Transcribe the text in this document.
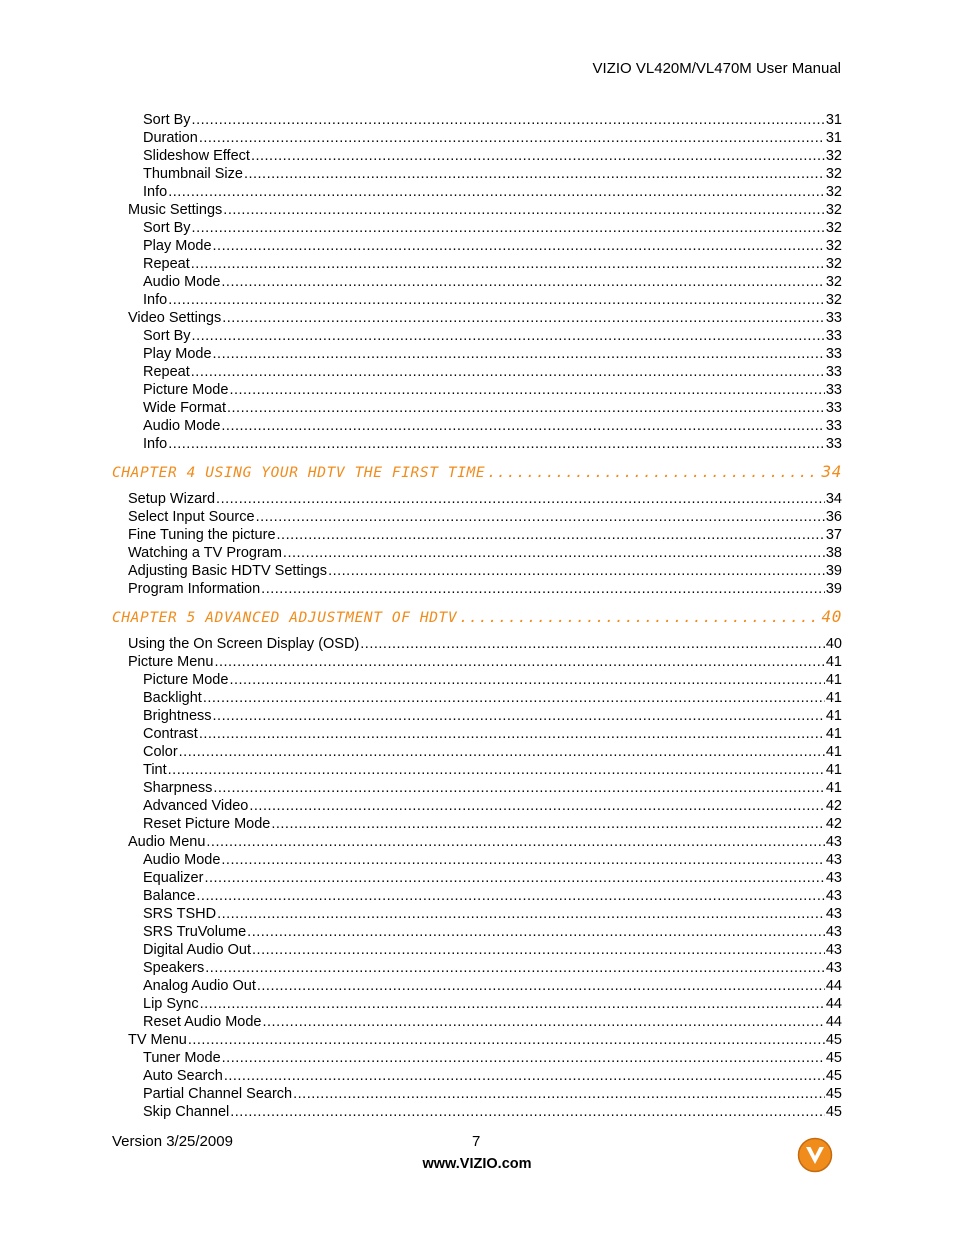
VIZIO VL420M/VL470M User Manual
Sort By .....	31
Duration .....	31
Slideshow Effect .....	32
Thumbnail Size .....	32
Info .....	32
Music Settings .....	32
Sort By .....	32
Play Mode .....	32
Repeat .....	32
Audio Mode .....	32
Info .....	32
Video Settings .....	33
Sort By .....	33
Play Mode .....	33
Repeat .....	33
Picture Mode .....	33
Wide Format .....	33
Audio Mode .....	33
Info .....	33
CHAPTER 4 USING YOUR HDTV THE FIRST TIME .....	34
Setup Wizard .....	34
Select Input Source .....	36
Fine Tuning the picture .....	37
Watching a TV Program .....	38
Adjusting Basic HDTV Settings .....	39
Program Information .....	39
CHAPTER 5 ADVANCED ADJUSTMENT OF HDTV .....	40
Using the On Screen Display (OSD) .....	40
Picture Menu .....	41
Picture Mode .....	41
Backlight .....	41
Brightness .....	41
Contrast .....	41
Color .....	41
Tint .....	41
Sharpness .....	41
Advanced Video .....	42
Reset Picture Mode .....	42
Audio Menu .....	43
Audio Mode .....	43
Equalizer .....	43
Balance .....	43
SRS TSHD .....	43
SRS TruVolume .....	43
Digital Audio Out .....	43
Speakers .....	43
Analog Audio Out .....	44
Lip Sync .....	44
Reset Audio Mode .....	44
TV Menu .....	45
Tuner Mode .....	45
Auto Search .....	45
Partial Channel Search .....	45
Skip Channel .....	45
Version 3/25/2009	7
www.VIZIO.com
